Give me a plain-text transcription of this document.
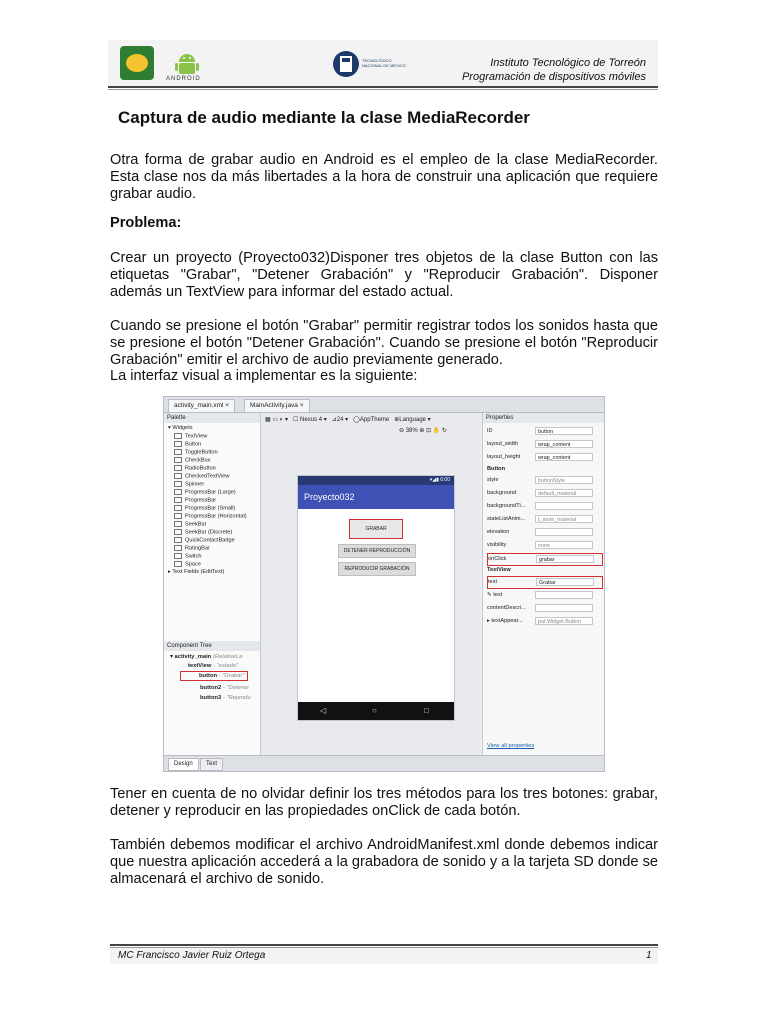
ANDROID
TECNOLÓGICO NACIONAL DE MÉXICO	Instituto Tecnológico de Torreón
Programación de dispositivos móviles
Captura de audio mediante la clase MediaRecorder
Otra forma de grabar audio en Android es el empleo de la clase MediaRecorder. Esta clase nos da más libertades a la hora de construir una aplicación que requiere grabar audio.
Problema:
Crear un proyecto (Proyecto032)Disponer tres objetos de la clase Button con las etiquetas "Grabar", "Detener Grabación" y "Reproducir Grabación". Disponer además un TextView para informar del estado actual.
Cuando se presione el botón "Grabar" permitir registrar todos los sonidos hasta que se presione el botón "Detener Grabación". Cuando se presione el botón "Reproducir Grabación" emitir el archivo de audio previamente generado.
La interfaz visual a implementar es la siguiente:
activity_main.xml ×	MainActivity.java ×
Palette
▾ Widgets
TextView
Button
ToggleButton
CheckBox
RadioButton
CheckedTextView
Spinner
ProgressBar (Large)
ProgressBar
ProgressBar (Small)
ProgressBar (Horizontal)
SeekBar
SeekBar (Discrete)
QuickContactBadge
RatingBar
Switch
Space
▸ Text Fields (EditText)
Component Tree
▾ activity_main (RelativeLa
textView - "estado"
button - "Grabar"
button2 - "Detener
button3 - "Reprodu
▦ ▭ ◐ ▾   ☐ Nexus 4 ▾ ⊿24 ▾ ◯AppTheme ⊕Language ▾
⊖ 38% ⊕ ⊡ ✋ ↻
▾◢▮ 6:00
Proyecto032
GRABAR
DETENER REPRODUCCIÓN
REPRODUCIR GRABACIÓN
◁	○	□
Properties
ID	button
layout_width	wrap_content
layout_height	wrap_content
Button
style	buttonStyle
background	default_material
backgroundTi...
stateListAnim...	t_anim_material
elevation
visibility	none
onClick	grabar
TextView
text	Grabar
✎ text
contentDescri...
▸ textAppear...	pat.Widget.Button
View all properties
Design	Text
Tener en cuenta de no olvidar definir los tres métodos para los tres botones: grabar, detener y reproducir en las propiedades onClick de cada botón.
También debemos modificar el archivo AndroidManifest.xml donde debemos indicar que nuestra aplicación accederá a la grabadora de sonido y a la tarjeta SD donde se almacenará el archivo de sonido.
MC Francisco Javier Ruiz Ortega	1
